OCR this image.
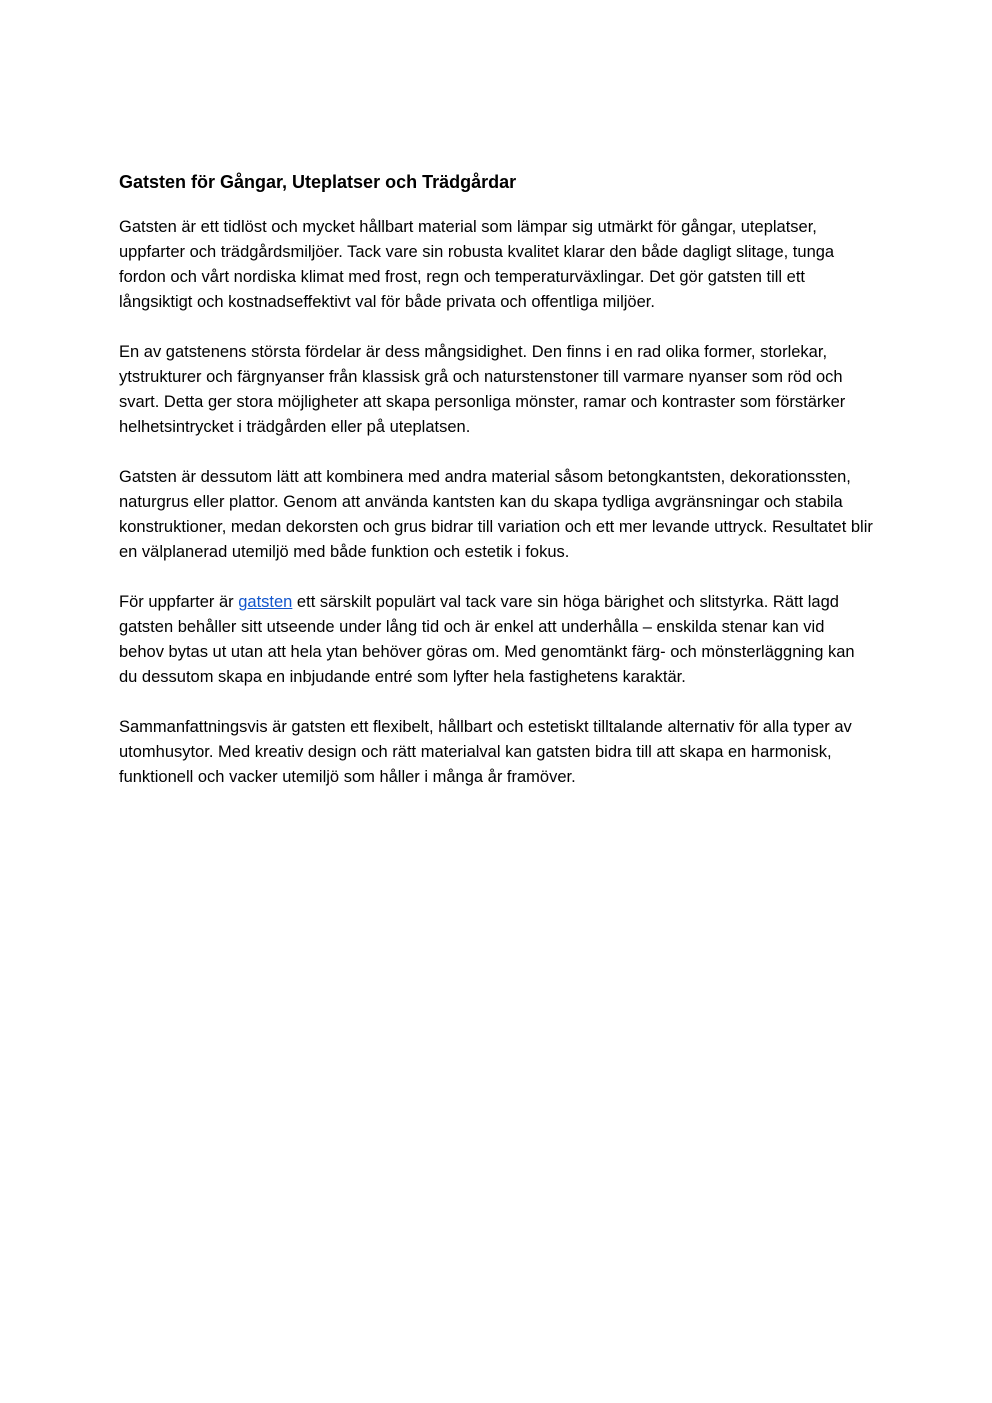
Gatsten för Gångar, Uteplatser och Trädgårdar

Gatsten är ett tidlöst och mycket hållbart material som lämpar sig utmärkt för gångar, uteplatser, uppfarter och trädgårdsmiljöer. Tack vare sin robusta kvalitet klarar den både dagligt slitage, tunga fordon och vårt nordiska klimat med frost, regn och temperaturväxlingar. Det gör gatsten till ett långsiktigt och kostnadseffektivt val för både privata och offentliga miljöer.

En av gatstenens största fördelar är dess mångsidighet. Den finns i en rad olika former, storlekar, ytstrukturer och färgnyanser från klassisk grå och naturstenstoner till varmare nyanser som röd och svart. Detta ger stora möjligheter att skapa personliga mönster, ramar och kontraster som förstärker helhetsintrycket i trädgården eller på uteplatsen.

Gatsten är dessutom lätt att kombinera med andra material såsom betongkantsten, dekorationssten, naturgrus eller plattor. Genom att använda kantsten kan du skapa tydliga avgränsningar och stabila konstruktioner, medan dekorsten och grus bidrar till variation och ett mer levande uttryck. Resultatet blir en välplanerad utemiljö med både funktion och estetik i fokus.

För uppfarter är gatsten ett särskilt populärt val tack vare sin höga bärighet och slitstyrka. Rätt lagd gatsten behåller sitt utseende under lång tid och är enkel att underhålla – enskilda stenar kan vid behov bytas ut utan att hela ytan behöver göras om. Med genomtänkt färg- och mönsterläggning kan du dessutom skapa en inbjudande entré som lyfter hela fastighetens karaktär.

Sammanfattningsvis är gatsten ett flexibelt, hållbart och estetiskt tilltalande alternativ för alla typer av utomhusytor. Med kreativ design och rätt materialval kan gatsten bidra till att skapa en harmonisk, funktionell och vacker utemiljö som håller i många år framöver.
